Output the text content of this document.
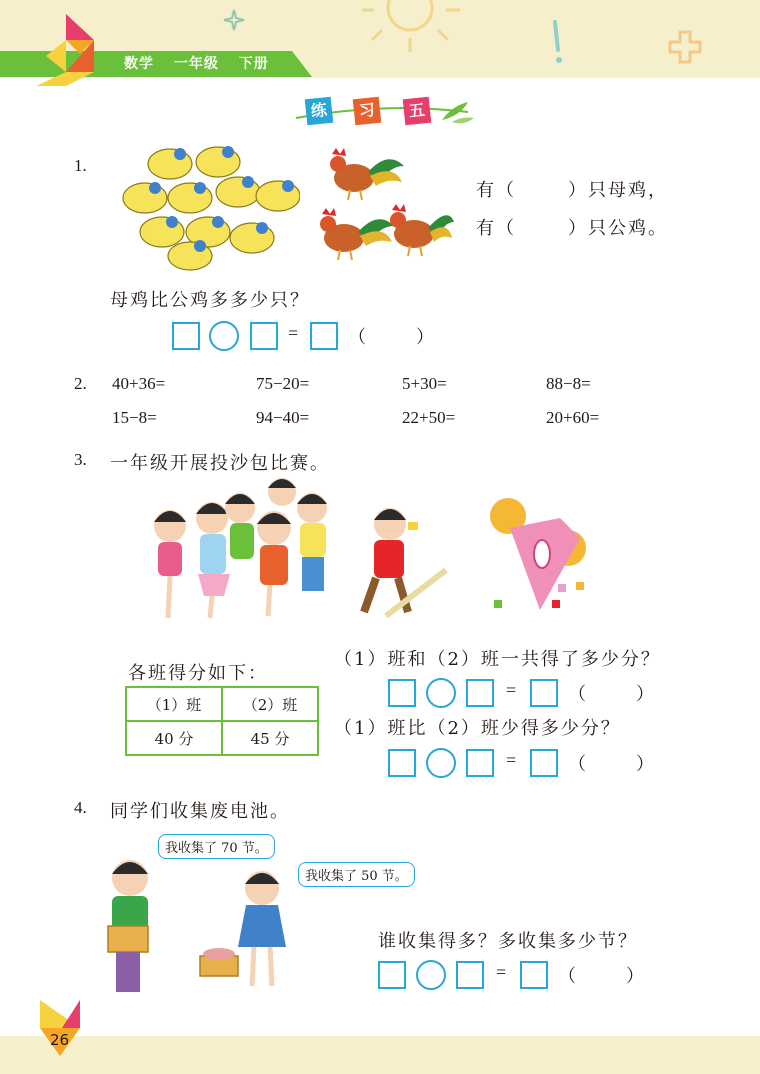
数学 一年级 下册
练	习	五
1.
有（	）只母鸡，
有（	）只公鸡。
母鸡比公鸡多多少只？
=	（	）
2. 40+36=	75−20=	5+30=	88−8=
15−8=	94−40=	22+50=	20+60=
3. 一年级开展投沙包比赛。
各班得分如下：
（1）班	（2）班
40 分	45 分
（1）班和（2）班一共得了多少分？
=	（	）
（1）班比（2）班少得多少分？
=	（	）
4. 同学们收集废电池。
我收集了 70 节。
我收集了 50 节。
谁收集得多？多收集多少节？
=	（	）
26
